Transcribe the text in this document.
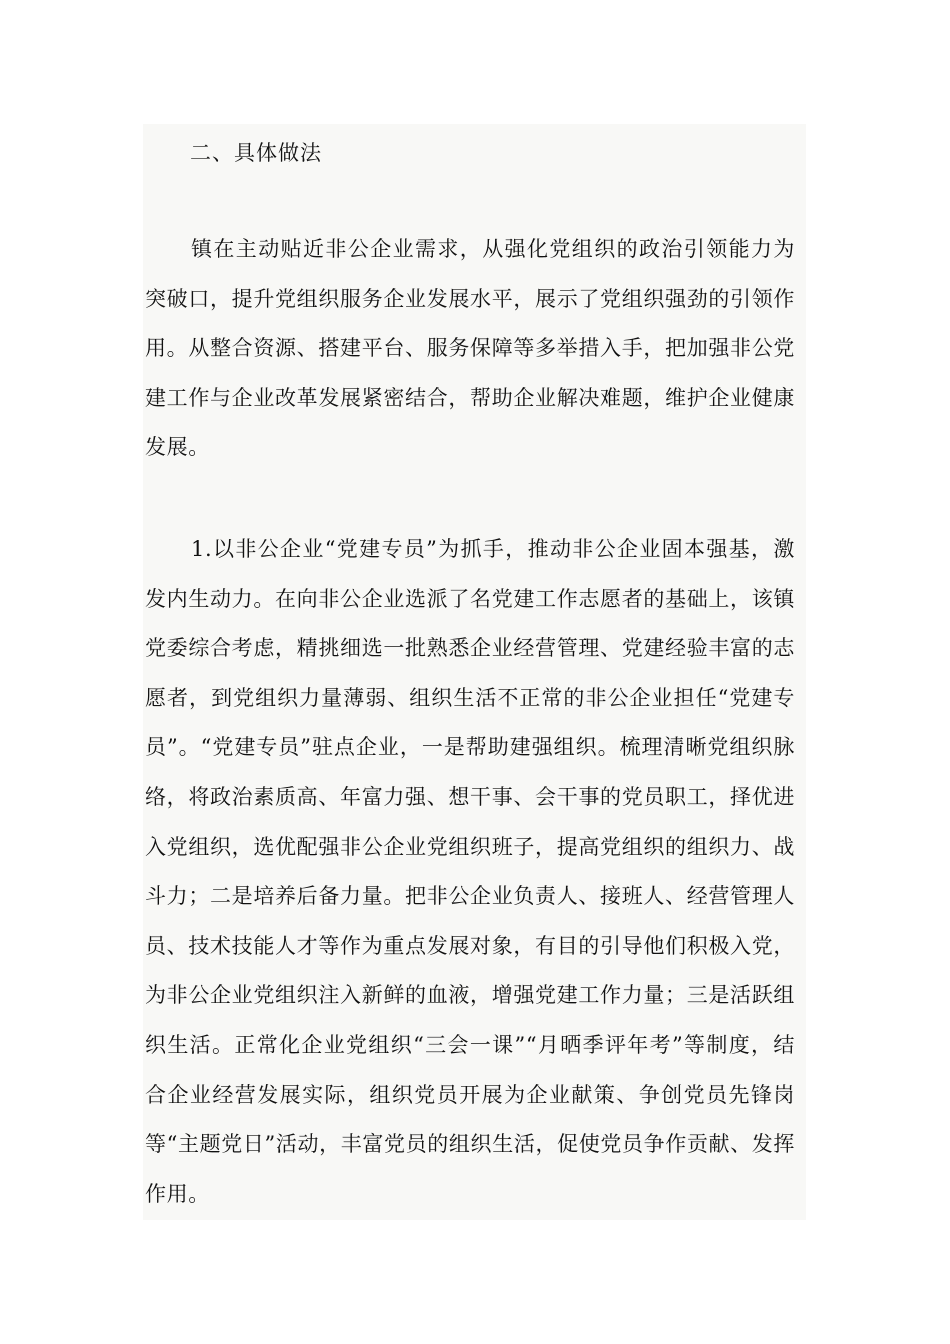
二、具体做法

镇在主动贴近非公企业需求，从强化党组织的政治引领能力为突破口，提升党组织服务企业发展水平，展示了党组织强劲的引领作用。从整合资源、搭建平台、服务保障等多举措入手，把加强非公党建工作与企业改革发展紧密结合，帮助企业解决难题，维护企业健康发展。

1.以非公企业“党建专员”为抓手，推动非公企业固本强基，激发内生动力。在向非公企业选派了名党建工作志愿者的基础上，该镇党委综合考虑，精挑细选一批熟悉企业经营管理、党建经验丰富的志愿者，到党组织力量薄弱、组织生活不正常的非公企业担任“党建专员”。“党建专员”驻点企业，一是帮助建强组织。梳理清晰党组织脉络，将政治素质高、年富力强、想干事、会干事的党员职工，择优进入党组织，选优配强非公企业党组织班子，提高党组织的组织力、战斗力；二是培养后备力量。把非公企业负责人、接班人、经营管理人员、技术技能人才等作为重点发展对象，有目的引导他们积极入党，为非公企业党组织注入新鲜的血液，增强党建工作力量；三是活跃组织生活。正常化企业党组织“三会一课”“月晒季评年考”等制度，结合企业经营发展实际，组织党员开展为企业献策、争创党员先锋岗等“主题党日”活动，丰富党员的组织生活，促使党员争作贡献、发挥作用。
